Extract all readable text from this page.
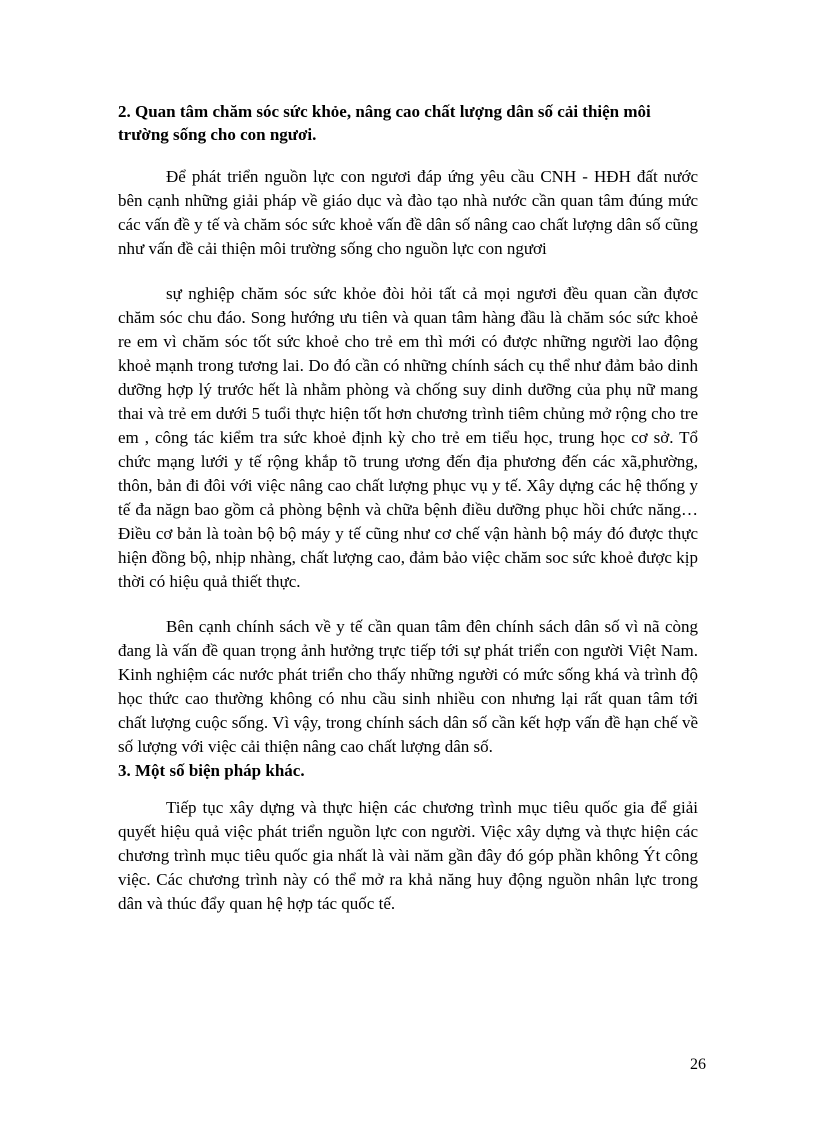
2. Quan tâm chăm sóc sức khỏe, nâng cao chất lượng dân số cải thiện môi trường sống cho con ngươi.

Để phát triển nguồn lực con ngươi đáp ứng yêu cầu CNH - HĐH đất nước bên cạnh những giải pháp về giáo dục và đào tạo nhà nước cần quan tâm đúng mức các vấn đề y tế và chăm sóc sức khoẻ vấn đề dân số nâng cao chất lượng dân số cũng như vấn đề cải thiện môi trường sống cho nguồn lực con ngươi

sự nghiệp chăm sóc sức khỏe đòi hỏi tất cả mọi ngươi đều quan cần đựơc chăm sóc chu đáo. Song hướng ưu tiên và quan tâm hàng đầu là chăm sóc sức khoẻ re em vì chăm sóc tốt sức khoẻ cho trẻ em thì mới có được những người lao động khoẻ mạnh trong tương lai. Do đó cần có những chính sách cụ thể như đảm bảo dinh dưỡng hợp lý trước hết là nhằm phòng và chống suy dinh dưỡng của phụ nữ mang thai và trẻ em dưới 5 tuổi thực hiện tốt hơn chương trình tiêm chủng mở rộng cho tre em , công tác kiểm tra sức khoẻ định kỳ cho trẻ em tiểu học, trung học cơ sở. Tổ chức mạng lưới y tế rộng khắp tõ trung ương đến địa phương đến các xã,phường, thôn, bản đi đôi với việc nâng cao chất lượng phục vụ y tế. Xây dựng các hệ thống y tế đa năgn bao gồm cả phòng bệnh và chữa bệnh điều dưỡng phục hồi chức năng… Điều cơ bản là toàn bộ bộ máy y tế cũng như cơ chế vận hành bộ máy đó được thực hiện đồng bộ, nhịp nhàng, chất lượng cao, đảm bảo việc chăm soc sức khoẻ được kịp thời có hiệu quả thiết thực.

Bên cạnh chính sách về y tế cần quan tâm đên chính sách dân số vì nã còng đang là vấn đề quan trọng ảnh hưởng trực tiếp tới sự phát triển con người Việt Nam. Kinh nghiệm các nước phát triển cho thấy những người có mức sống khá và trình độ học thức cao thường không có nhu cầu sinh nhiều con nhưng lại rất quan tâm tới chất lượng cuộc sống. Vì vậy, trong chính sách dân số cần kết hợp vấn đề hạn chế về số lượng với việc cải thiện nâng cao chất lượng dân số.

3. Một số biện pháp khác.

Tiếp tục xây dựng và thực hiện các chương trình mục tiêu quốc gia để giải quyết hiệu quả việc phát triển nguồn lực con người. Việc xây dựng và thực hiện các chương trình mục tiêu quốc gia nhất là vài năm gần đây đó góp phần không Ýt công việc. Các chương trình này có thể mở ra khả năng huy động nguồn nhân lực trong dân và thúc đẩy quan hệ hợp tác quốc tế.

26
